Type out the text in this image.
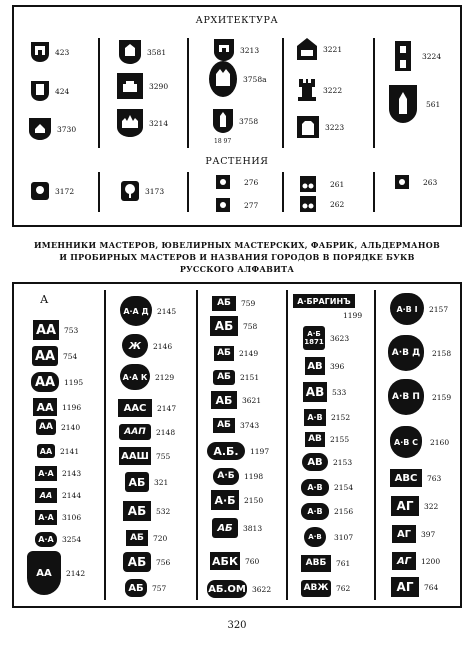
АРХИТЕКТУРА
РАСТЕНИЯ
423
424
3730
3581
3290
3214
3213
3758а
3758
18 97
3221
3222
3223
3224
561
3172	3173
276
277
261
262
263
ИМЕННИКИ МАСТЕРОВ, ЮВЕЛИРНЫХ МАСТЕРСКИХ, ФАБРИК, АЛЬДЕРМАНОВ
И ПРОБИРНЫХ МАСТЕРОВ И НАЗВАНИЯ ГОРОДОВ В ПОРЯДКЕ БУКВ
РУССКОГО АЛФАВИТА
А
АА	753
АА	754
АА	1195
АА	1196
АА	2140
АА	2141
А·А	2143
АА	2144
А·А	3106
А·А	3254
АА	2142
А·А Д	2145
Ж	2146
А·А К	2129
ААС	2147
ААП	2148
ААШ 755
АБ	321
АБ	532
АБ	720
АБ	756
АБ	757
АБ	759
АБ	758
АБ	2149
АБ	2151
АБ	3621
АБ	3743
А.Б.	1197
А·Б	1198
А·Б	2150
АБ	3813
АБК 760
АБ.ОМ 3622
А·БРАГИНЪ
1199
А·Б 1871 3623
АВ 396
АВ	533
А·В	2152
АВ	2155
АВ	2153
А·В	2154
А·В	2156
А·В	3107
АВБ	761
АВЖ	762
А·В I	2157
А·В Д	2158
А·В П	2159
А·В С	2160
АВС	763
АГ	322
АГ	397
АГ	1200
АГ	764
320
